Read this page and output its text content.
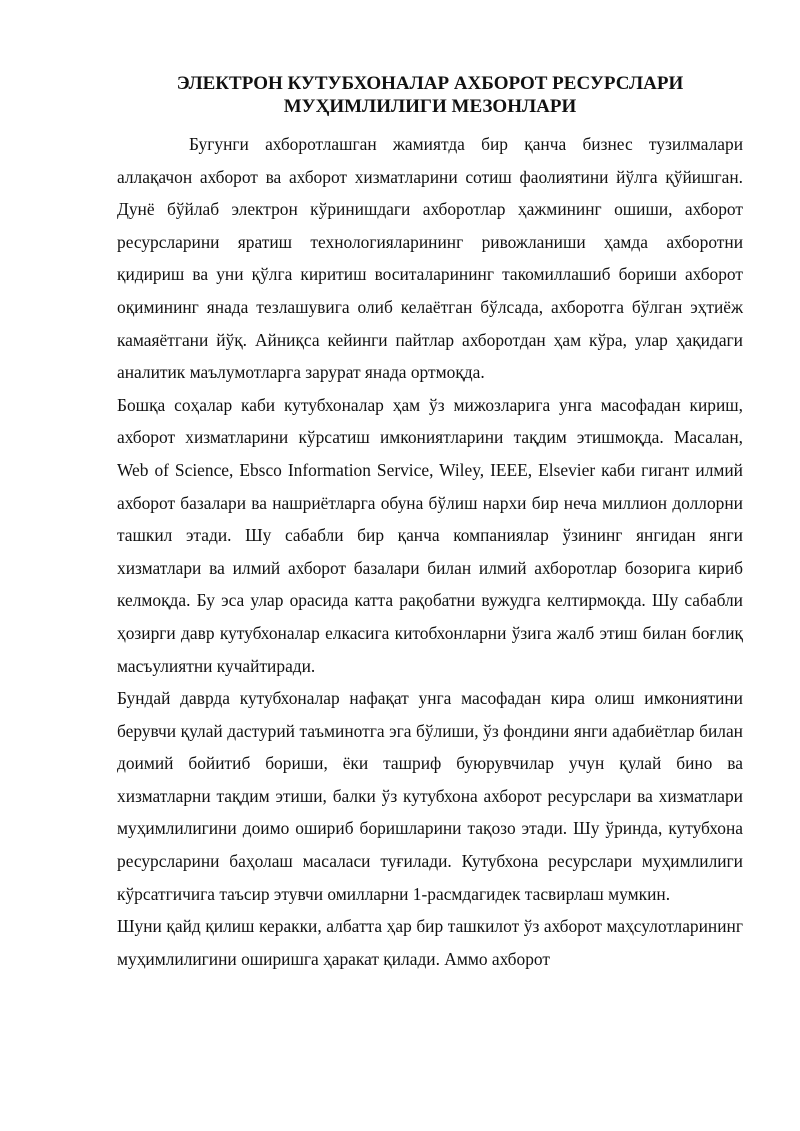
ЭЛЕКТРОН КУТУБХОНАЛАР АХБОРОТ РЕСУРСЛАРИ
МУҲИМЛИЛИГИ МЕЗОНЛАРИ

Бугунги ахборотлашган жамиятда бир қанча бизнес тузилмалари аллақачон ахборот ва ахборот хизматларини сотиш фаолиятини йўлга қўйишган. Дунё бўйлаб электрон кўринишдаги ахборотлар ҳажмининг ошиши, ахборот ресурсларини яратиш технологияларининг ривожланиши ҳамда ахборотни қидириш ва уни қўлга киритиш воситаларининг такомиллашиб бориши ахборот оқимининг янада тезлашувига олиб келаётган бўлсада, ахборотга бўлган эҳтиёж камаяётгани йўқ. Айниқса кейинги пайтлар ахборотдан ҳам кўра, улар ҳақидаги аналитик маълумотларга зарурат янада ортмоқда.

Бошқа соҳалар каби кутубхоналар ҳам ўз мижозларига унга масофадан кириш, ахборот хизматларини кўрсатиш имкониятларини тақдим этишмоқда. Масалан, Web of Science, Ebsco Information Service, Wiley, IEEE, Elsevier каби гигант илмий ахборот базалари ва нашриётларга обуна бўлиш нархи бир неча миллион доллорни ташкил этади. Шу сабабли бир қанча компаниялар ўзининг янгидан янги хизматлари ва илмий ахборот базалари билан илмий ахборотлар бозорига кириб келмоқда. Бу эса улар орасида катта рақобатни вужудга келтирмоқда. Шу сабабли ҳозирги давр кутубхоналар елкасига китобхонларни ўзига жалб этиш билан боғлиқ масъулиятни кучайтиради.

Бундай даврда кутубхоналар нафақат унга масофадан кира олиш имкониятини берувчи қулай дастурий таъминотга эга бўлиши, ўз фондини янги адабиётлар билан доимий бойитиб бориши, ёки ташриф буюрувчилар учун қулай бино ва хизматларни тақдим этиши, балки ўз кутубхона ахборот ресурслари ва хизматлари муҳимлилигини доимо ошириб боришларини тақозо этади. Шу ўринда, кутубхона ресурсларини баҳолаш масаласи туғилади. Кутубхона ресурслари муҳимлилиги кўрсатгичига таъсир этувчи омилларни 1-расмдагидек тасвирлаш мумкин.

Шуни қайд қилиш керакки, албатта ҳар бир ташкилот ўз ахборот маҳсулотларининг муҳимлилигини оширишга ҳаракат қилади. Аммо ахборот
